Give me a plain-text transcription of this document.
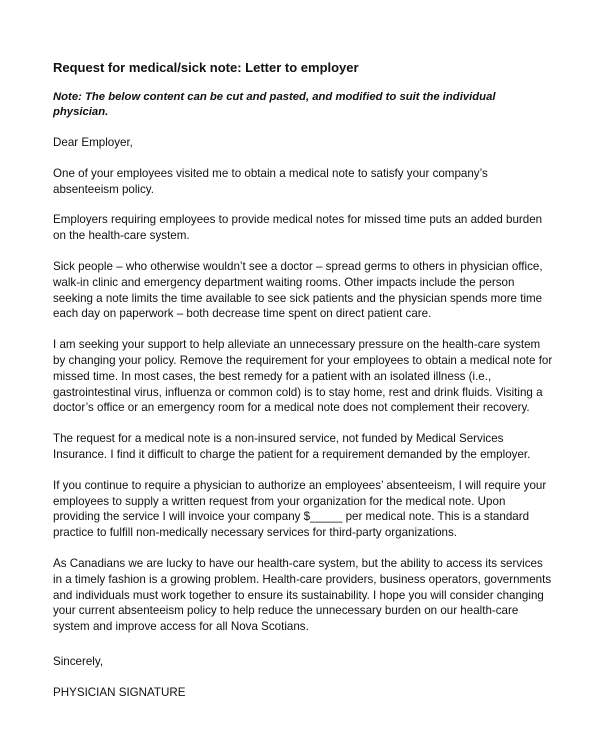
Request for medical/sick note: Letter to employer
Note: The below content can be cut and pasted, and modified to suit the individual physician.
Dear Employer,
One of your employees visited me to obtain a medical note to satisfy your company’s absenteeism policy.
Employers requiring employees to provide medical notes for missed time puts an added burden on the health-care system.
Sick people – who otherwise wouldn’t see a doctor – spread germs to others in physician office, walk-in clinic and emergency department waiting rooms. Other impacts include the person seeking a note limits the time available to see sick patients and the physician spends more time each day on paperwork – both decrease time spent on direct patient care.
I am seeking your support to help alleviate an unnecessary pressure on the health-care system by changing your policy. Remove the requirement for your employees to obtain a medical note for missed time. In most cases, the best remedy for a patient with an isolated illness (i.e., gastrointestinal virus, influenza or common cold) is to stay home, rest and drink fluids. Visiting a doctor’s office or an emergency room for a medical note does not complement their recovery.
The request for a medical note is a non-insured service, not funded by Medical Services Insurance. I find it difficult to charge the patient for a requirement demanded by the employer.
If you continue to require a physician to authorize an employees’ absenteeism, I will require your employees to supply a written request from your organization for the medical note. Upon providing the service I will invoice your company $_____ per medical note. This is a standard practice to fulfill non-medically necessary services for third-party organizations.
As Canadians we are lucky to have our health-care system, but the ability to access its services in a timely fashion is a growing problem. Health-care providers, business operators, governments and individuals must work together to ensure its sustainability. I hope you will consider changing your current absenteeism policy to help reduce the unnecessary burden on our health-care system and improve access for all Nova Scotians.
Sincerely,
PHYSICIAN SIGNATURE
